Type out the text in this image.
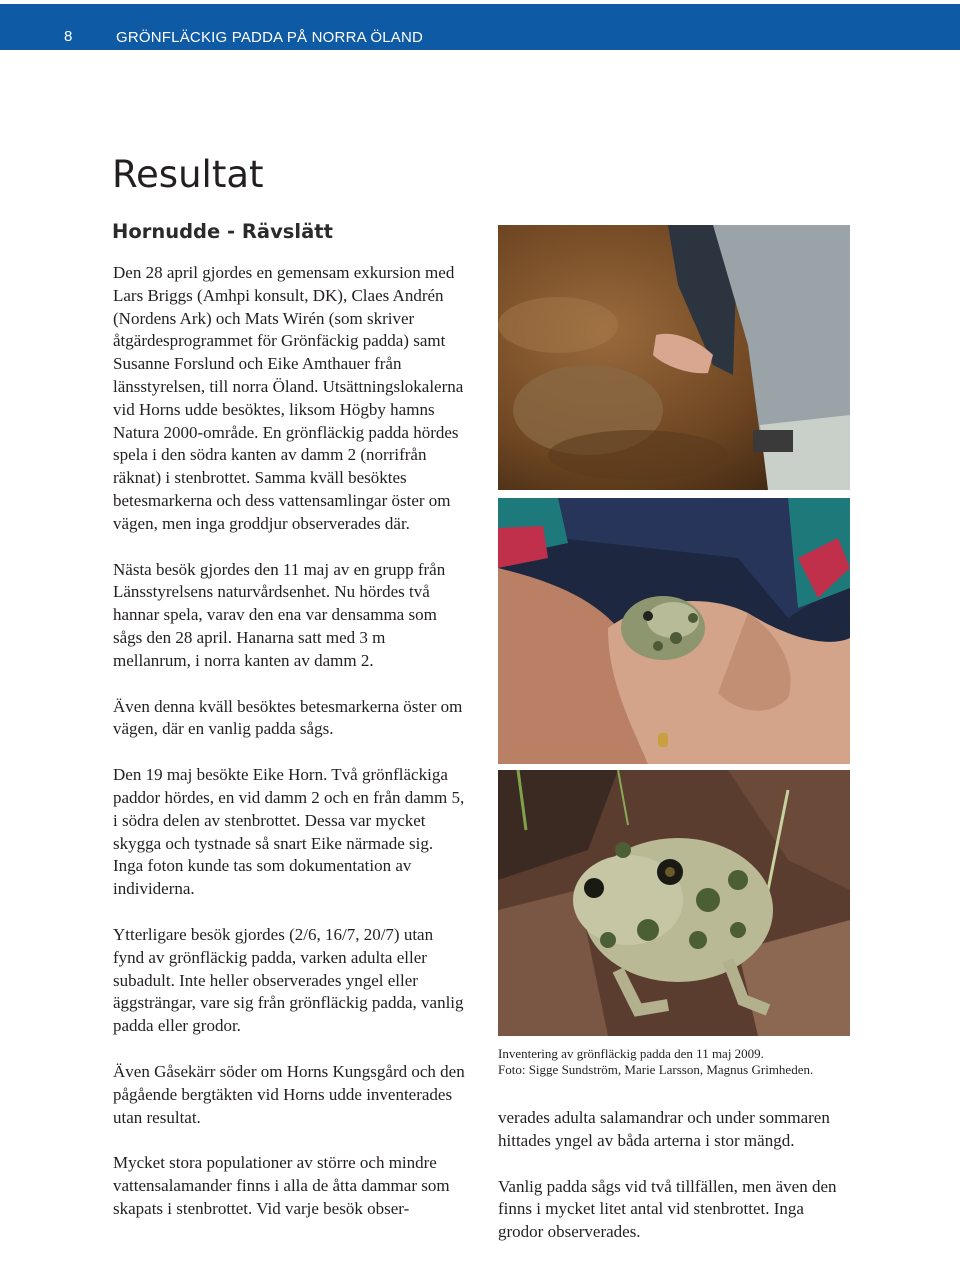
8	GRÖNFLÄCKIG PADDA PÅ NORRA ÖLAND
Resultat
Hornudde - Rävslätt

Den 28 april gjordes en gemensam exkursion med Lars Briggs (Amhpi konsult, DK), Claes Andrén (Nordens Ark) och Mats Wirén (som skriver åtgärdesprogrammet för Grönfäckig padda) samt Susanne Forslund och Eike Amthauer från länsstyrelsen, till norra Öland. Utsättningslokalerna vid Horns udde besöktes, liksom Högby hamns Natura 2000-område. En grönfläckig padda hördes spela i den södra kanten av damm 2 (norrifrån räknat) i stenbrottet. Samma kväll besöktes betesmarkerna och dess vattensamlingar öster om vägen, men inga groddjur observerades där.

Nästa besök gjordes den 11 maj av en grupp från Länsstyrelsens naturvårdsenhet. Nu hördes två hannar spela, varav den ena var densamma som sågs den 28 april. Hanarna satt med 3 m mellanrum, i norra kanten av damm 2.

Även denna kväll besöktes betesmarkerna öster om vägen, där en vanlig padda sågs.

Den 19 maj besökte Eike Horn. Två grönfläckiga paddor hördes, en vid damm 2 och en från damm 5, i södra delen av stenbrottet. Dessa var mycket skygga och tystnade så snart Eike närmade sig. Inga foton kunde tas som dokumentation av individerna.

Ytterligare besök gjordes (2/6, 16/7, 20/7) utan fynd av grönfläckig padda, varken adulta eller subadult. Inte heller observerades yngel eller äggsträngar, vare sig från grönfläckig padda, vanlig padda eller grodor.

Även Gåsekärr söder om Horns Kungsgård och den pågående bergtäkten vid Horns udde inventerades utan resultat.

Mycket stora populationer av större och mindre vattensalamander finns i alla de åtta dammar som skapats i stenbrottet. Vid varje besök obser-

Inventering av grönfläckig padda den 11 maj 2009.
Foto: Sigge Sundström, Marie Larsson, Magnus Grimheden.

verades adulta salamandrar och under sommaren hittades yngel av båda arterna i stor mängd.

Vanlig padda sågs vid två tillfällen, men även den finns i mycket litet antal vid stenbrottet. Inga grodor observerades.
